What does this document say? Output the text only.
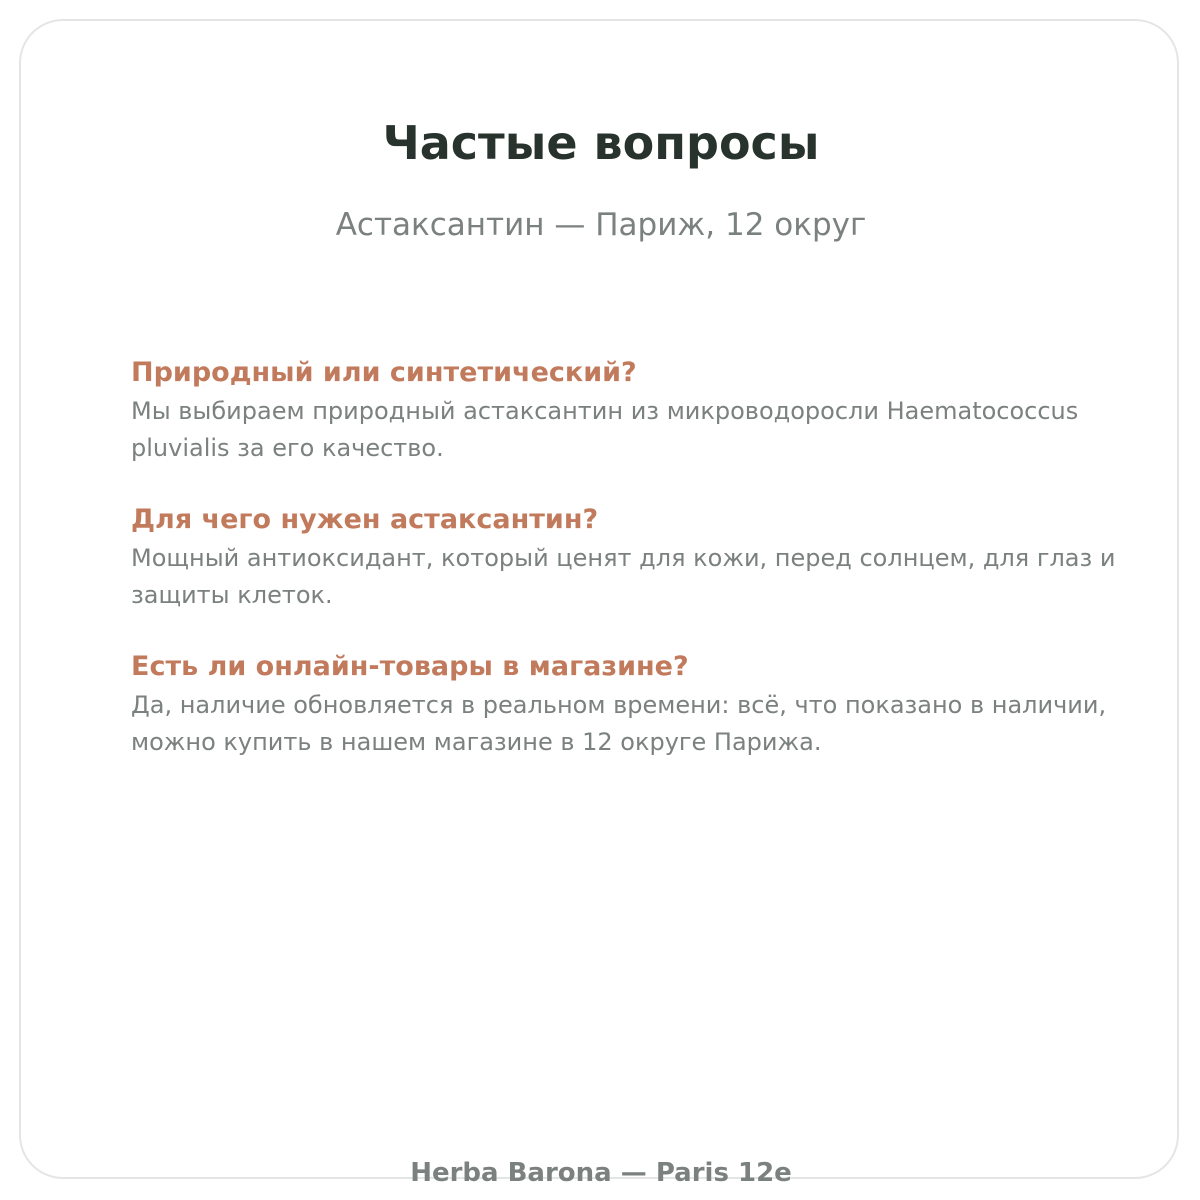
Частые вопросы
Астаксантин — Париж, 12 округ
Природный или синтетический?

Мы выбираем природный астаксантин из микроводоросли Haematococcus pluvialis за его качество.

Для чего нужен астаксантин?

Мощный антиоксидант, который ценят для кожи, перед солнцем, для глаз и защиты клеток.

Есть ли онлайн-товары в магазине?

Да, наличие обновляется в реальном времени: всё, что показано в наличии, можно купить в нашем магазине в 12 округе Парижа.

Herba Barona — Paris 12e
